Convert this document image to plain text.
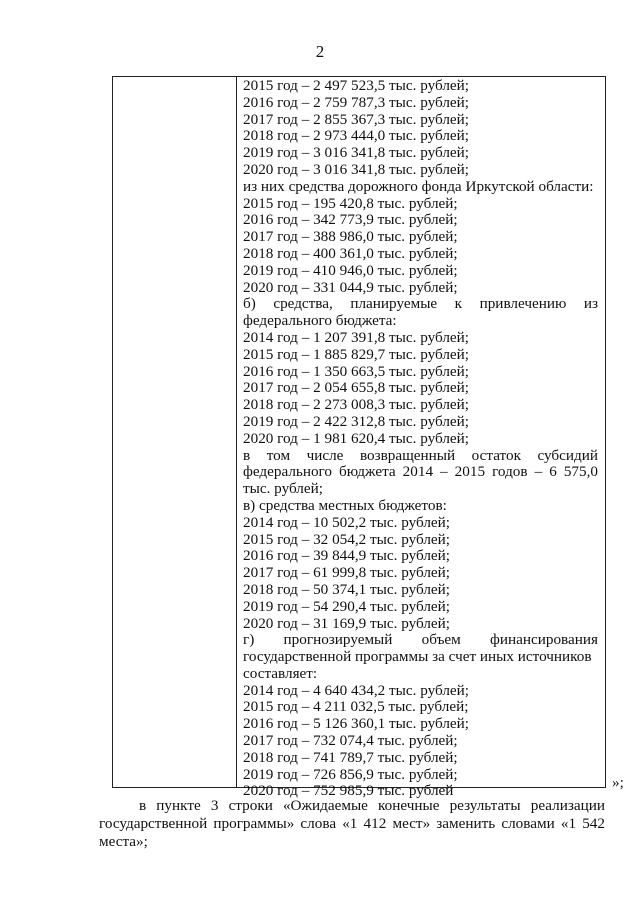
2
2015 год – 2 497 523,5 тыс. рублей;
2016 год – 2 759 787,3 тыс. рублей;
2017 год – 2 855 367,3 тыс. рублей;
2018 год – 2 973 444,0 тыс. рублей;
2019 год – 3 016 341,8 тыс. рублей;
2020 год – 3 016 341,8 тыс. рублей;
из них средства дорожного фонда Иркутской области:
2015 год – 195 420,8 тыс. рублей;
2016 год – 342 773,9 тыс. рублей;
2017 год – 388 986,0 тыс. рублей;
2018 год – 400 361,0 тыс. рублей;
2019 год – 410 946,0 тыс. рублей;
2020 год – 331 044,9 тыс. рублей;
б) средства, планируемые к привлечению из
федерального бюджета:
2014 год – 1 207 391,8 тыс. рублей;
2015 год – 1 885 829,7 тыс. рублей;
2016 год – 1 350 663,5 тыс. рублей;
2017 год – 2 054 655,8 тыс. рублей;
2018 год – 2 273 008,3 тыс. рублей;
2019 год – 2 422 312,8 тыс. рублей;
2020 год – 1 981 620,4 тыс. рублей;
в том числе возвращенный остаток субсидий
федерального бюджета 2014 – 2015 годов – 6 575,0
тыс. рублей;
в) средства местных бюджетов:
2014 год – 10 502,2 тыс. рублей;
2015 год – 32 054,2 тыс. рублей;
2016 год – 39 844,9 тыс. рублей;
2017 год – 61 999,8 тыс. рублей;
2018 год – 50 374,1 тыс. рублей;
2019 год – 54 290,4 тыс. рублей;
2020 год – 31 169,9 тыс. рублей;
г) прогнозируемый объем финансирования
государственной программы за счет иных источников
составляет:
2014 год – 4 640 434,2 тыс. рублей;
2015 год – 4 211 032,5 тыс. рублей;
2016 год – 5 126 360,1 тыс. рублей;
2017 год – 732 074,4 тыс. рублей;
2018 год – 741 789,7 тыс. рублей;
2019 год – 726 856,9 тыс. рублей;
2020 год – 752 985,9 тыс. рублей	»;
в пункте 3 строки «Ожидаемые конечные результаты реализации государственной программы» слова «1 412 мест» заменить словами «1 542 места»;
